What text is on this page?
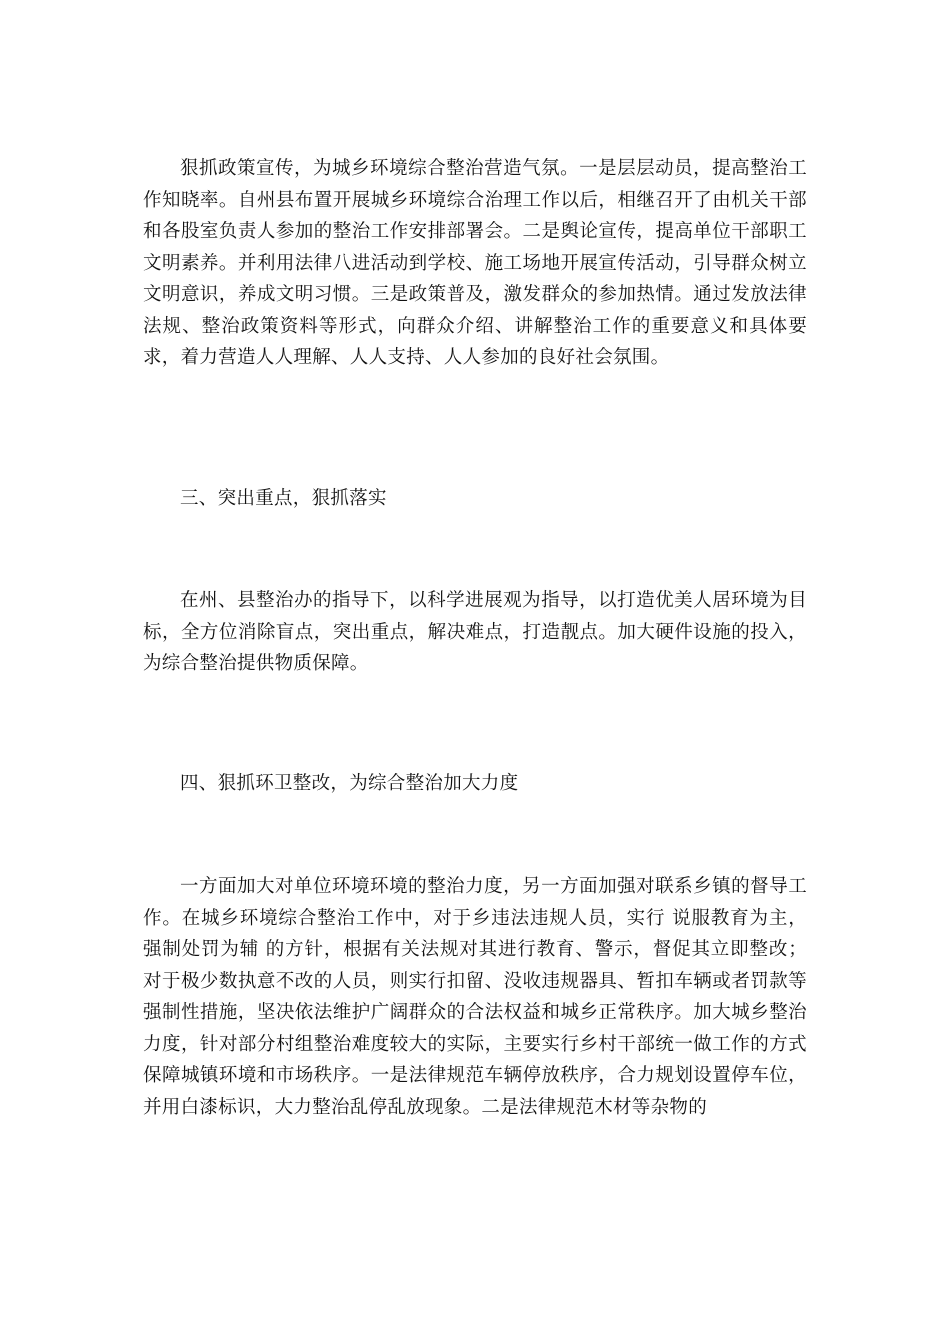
狠抓政策宣传，为城乡环境综合整治营造气氛。一是层层动员，提高整治工作知晓率。自州县布置开展城乡环境综合治理工作以后，相继召开了由机关干部和各股室负责人参加的整治工作安排部署会。二是舆论宣传，提高单位干部职工文明素养。并利用法律八进活动到学校、施工场地开展宣传活动，引导群众树立文明意识，养成文明习惯。三是政策普及，激发群众的参加热情。通过发放法律法规、整治政策资料等形式，向群众介绍、讲解整治工作的重要意义和具体要求，着力营造人人理解、人人支持、人人参加的良好社会氛围。

三、突出重点，狠抓落实

在州、县整治办的指导下，以科学进展观为指导，以打造优美人居环境为目标，全方位消除盲点，突出重点，解决难点，打造靓点。加大硬件设施的投入，为综合整治提供物质保障。

四、狠抓环卫整改，为综合整治加大力度

一方面加大对单位环境环境的整治力度，另一方面加强对联系乡镇的督导工作。在城乡环境综合整治工作中，对于乡违法违规人员，实行 说服教育为主，强制处罚为辅 的方针，根据有关法规对其进行教育、警示，督促其立即整改；对于极少数执意不改的人员，则实行扣留、没收违规器具、暂扣车辆或者罚款等强制性措施，坚决依法维护广阔群众的合法权益和城乡正常秩序。加大城乡整治力度，针对部分村组整治难度较大的实际，主要实行乡村干部统一做工作的方式保障城镇环境和市场秩序。一是法律规范车辆停放秩序，合力规划设置停车位，并用白漆标识，大力整治乱停乱放现象。二是法律规范木材等杂物的
